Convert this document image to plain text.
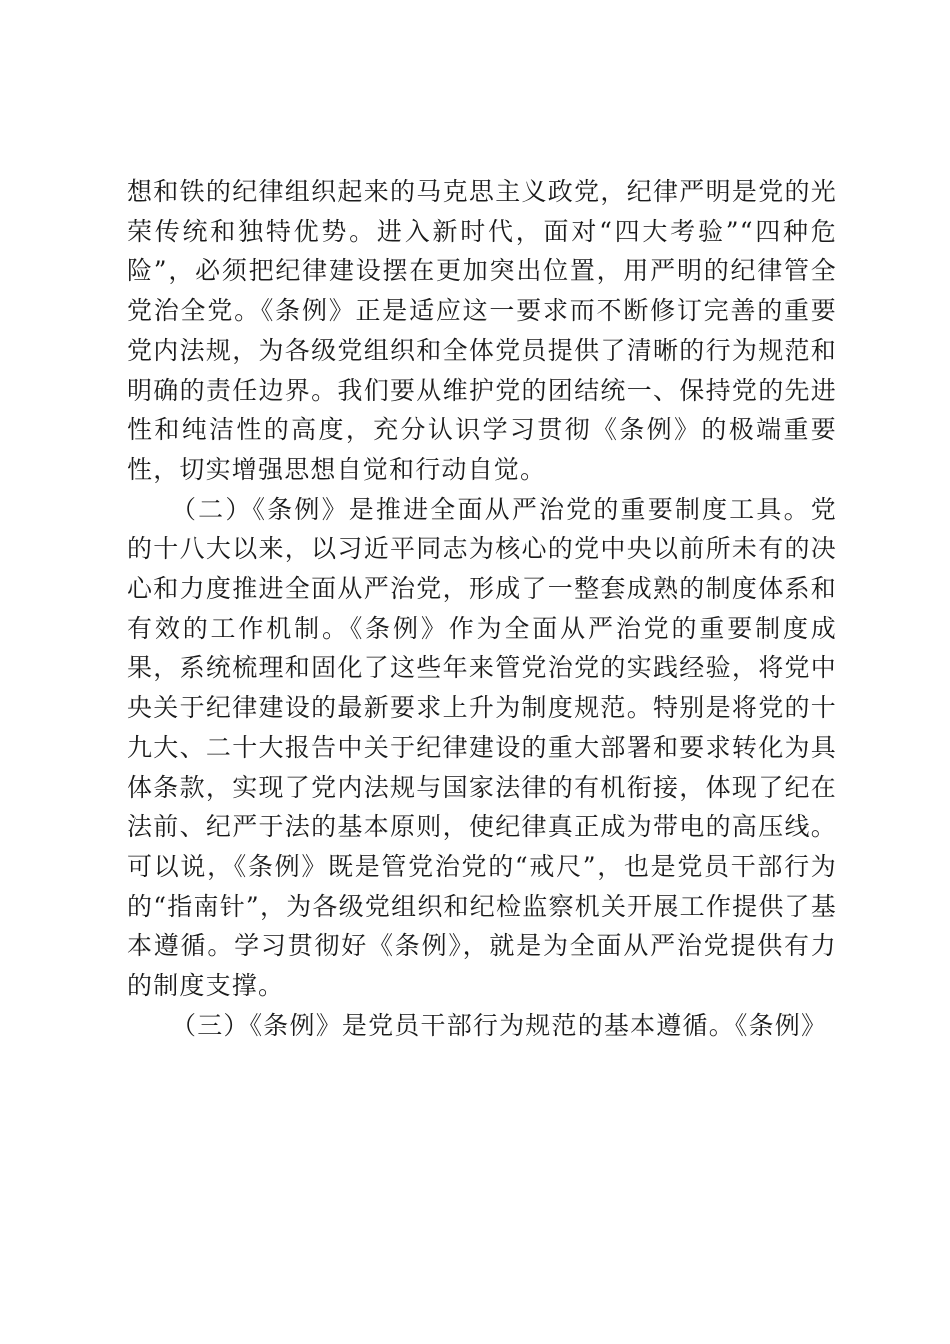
想和铁的纪律组织起来的马克思主义政党，纪律严明是党的光荣传统和独特优势。进入新时代，面对“四大考验”“四种危险”，必须把纪律建设摆在更加突出位置，用严明的纪律管全党治全党。《条例》正是适应这一要求而不断修订完善的重要党内法规，为各级党组织和全体党员提供了清晰的行为规范和明确的责任边界。我们要从维护党的团结统一、保持党的先进性和纯洁性的高度，充分认识学习贯彻《条例》的极端重要性，切实增强思想自觉和行动自觉。

（二）《条例》是推进全面从严治党的重要制度工具。党的十八大以来，以习近平同志为核心的党中央以前所未有的决心和力度推进全面从严治党，形成了一整套成熟的制度体系和有效的工作机制。《条例》作为全面从严治党的重要制度成果，系统梳理和固化了这些年来管党治党的实践经验，将党中央关于纪律建设的最新要求上升为制度规范。特别是将党的十九大、二十大报告中关于纪律建设的重大部署和要求转化为具体条款，实现了党内法规与国家法律的有机衔接，体现了纪在法前、纪严于法的基本原则，使纪律真正成为带电的高压线。可以说，《条例》既是管党治党的“戒尺”，也是党员干部行为的“指南针”，为各级党组织和纪检监察机关开展工作提供了基本遵循。学习贯彻好《条例》，就是为全面从严治党提供有力的制度支撑。

（三）《条例》是党员干部行为规范的基本遵循。《条例》
